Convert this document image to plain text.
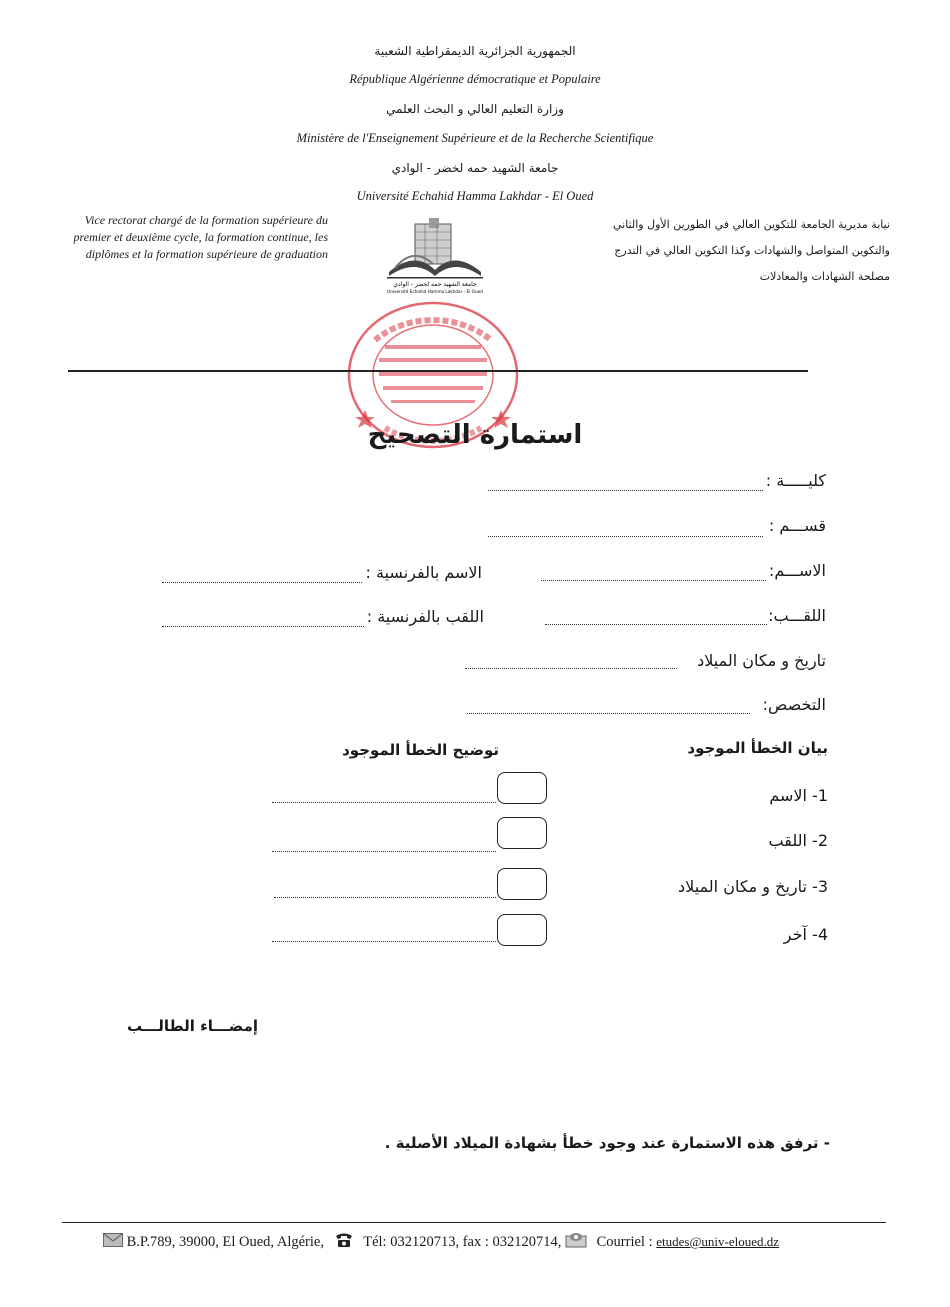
الجمهورية الجزائرية الديمقراطية الشعبية
République Algérienne démocratique et Populaire
وزارة التعليم العالي و البحث العلمي
Ministère de l'Enseignement Supérieure et de la Recherche Scientifique
جامعة الشهيد حمه لخضر - الوادي
Université Echahid Hamma Lakhdar - El Oued
Vice rectorat chargé de la formation supérieure du premier et deuxième cycle, la formation continue, les diplômes et la formation supérieure de graduation
نيابة مديرية الجامعة للتكوين العالي في الطورين الأول والثاني
والتكوين المتواصل والشهادات وكذا التكوين العالي في التدرج
مصلحة الشهادات والمعادلات
جامعة الشهيد حمه لخضر - الوادي
Université Echahid Hamma Lakhdar - El Oued
استمارة التصحيح
كليـــــة :
قســـم :
الاســـم:
الاسم بالفرنسية :
اللقـــب:
اللقب بالفرنسية :
تاريخ و مكان الميلاد
التخصص:
بيان الخطأ الموجود
توضيح الخطأ الموجود
1- الاسم
2- اللقب
3- تاريخ و مكان الميلاد
4- آخر
إمضـــاء الطالـــب
- ترفق هذه الاستمارة عند وجود خطأ بشهادة الميلاد الأصلية .
B.P.789, 39000, El Oued, Algérie,	Tél: 032120713, fax : 032120714, Courriel : etudes@univ-eloued.dz
